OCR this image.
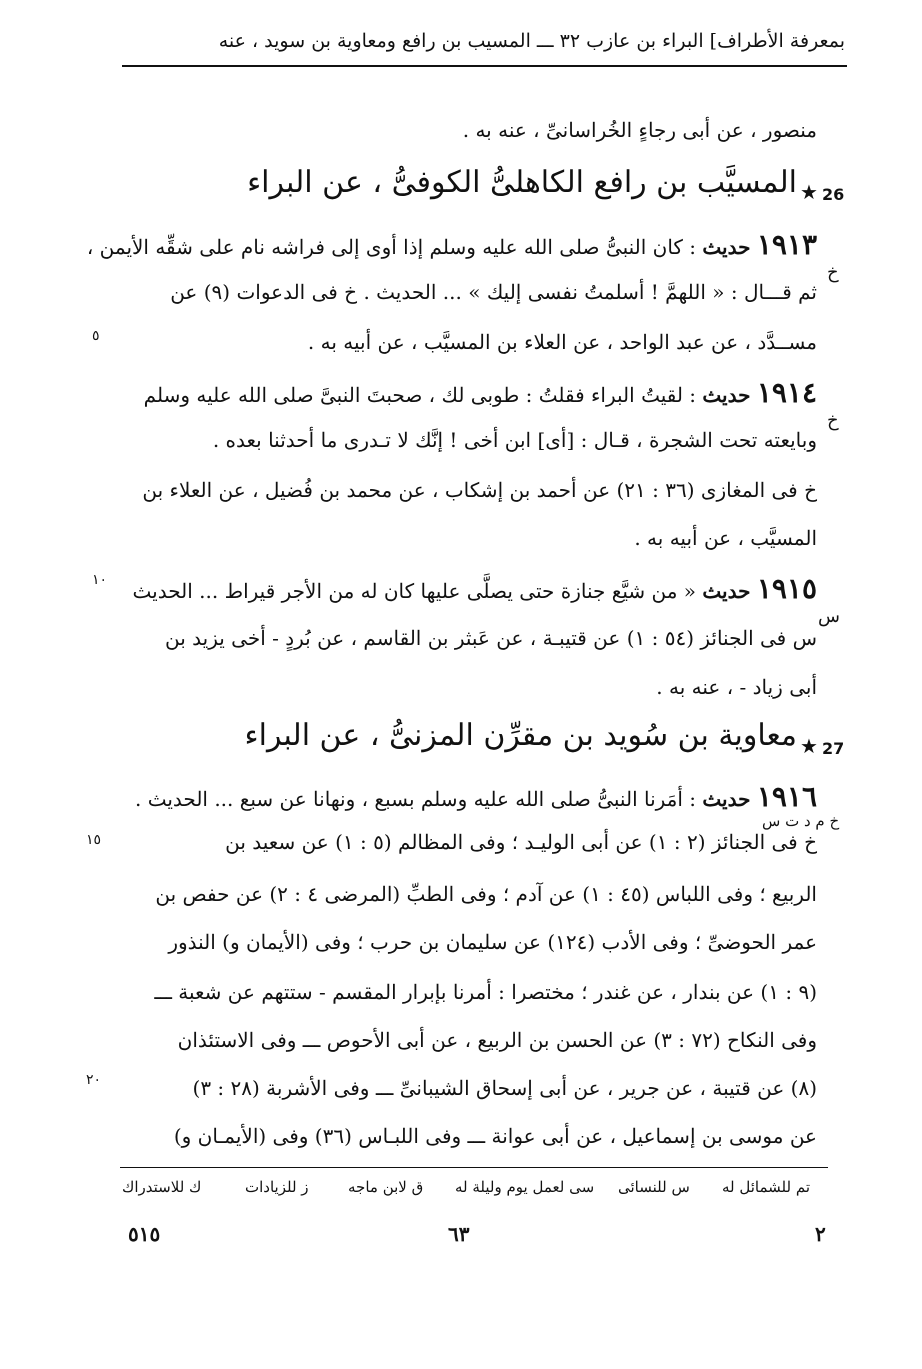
بمعرفة الأطراف] البراء بن عازب ٣٢ ـــ المسيب بن رافع ومعاوية بن سويد ، عنه
منصور ، عن أبى رجاءٍ الخُراسانىِّ ، عنه به .
26
★
المسيَّب بن رافع الكاهلىُّ الكوفىُّ ، عن البراء
١٩١٣ حديث : كان النبىُّ صلى الله عليه وسلم إذا أوى إلى فراشه نام على شقِّه الأيمن ،
ثم قـــال : « اللهمَّ ! أسلمتُ نفسى إليك » ... الحديث . خ فى الدعوات (٩) عن
مســدَّد ، عن عبد الواحد ، عن العلاء بن المسيَّب ، عن أبيه به .
١٩١٤ حديث : لقيتُ البراء فقلتُ : طوبى لك ، صحبتَ النبىَّ صلى الله عليه وسلم
وبايعته تحت الشجرة ، قـال : [أى] ابن أخى ! إنَّك لا تـدرى ما أحدثنا بعده .
خ فى المغازى (٣٦ : ٢١) عن أحمد بن إشكاب ، عن محمد بن فُضيل ، عن العلاء بن
المسيَّب ، عن أبيه به .
١٩١٥ حديث « من شيَّع جنازة حتى يصلَّى عليها كان له من الأجر قيراط ... الحديث
س فى الجنائز (٥٤ : ١) عن قتيبـة ، عن عَبثر بن القاسم ، عن بُردٍ - أخى يزيد بن
أبى زياد - ، عنه به .
27
★
معاوية بن سُويد بن مقرِّن المزنىُّ ، عن البراء
١٩١٦ حديث : أمَرنا النبىُّ صلى الله عليه وسلم بسبع ، ونهانا عن سبع ... الحديث .
خ فى الجنائز (٢ : ١) عن أبى الوليـد ؛ وفى المظالم (٥ : ١) عن سعيد بن
الربيع ؛ وفى اللباس (٤٥ : ١) عن آدم ؛ وفى الطبِّ (المرضى ٤ : ٢) عن حفص بن
عمر الحوضىِّ ؛ وفى الأدب (١٢٤) عن سليمان بن حرب ؛ وفى (الأيمان و) النذور
(٩ : ١) عن بندار ، عن غندر ؛ مختصرا : أمرنا بإبرار المقسم - ستتهم عن شعبة ـــ
وفى النكاح (٧٢ : ٣) عن الحسن بن الربيع ، عن أبى الأحوص ـــ وفى الاستئذان
(٨) عن قتيبة ، عن جرير ، عن أبى إسحاق الشيبانىِّ ـــ وفى الأشربة (٢٨ : ٣)
عن موسى بن إسماعيل ، عن أبى عوانة ـــ وفى اللبـاس (٣٦) وفى (الأيمـان و)
خ
٥
خ
١٠
س
خ م د ت س
١٥
٢٠
تم للشمائل له
س للنسائى
سى لعمل يوم وليلة له
ق لابن ماجه
ز للزيادات
ك للاستدراك
٥١٥	٦٣	٢
